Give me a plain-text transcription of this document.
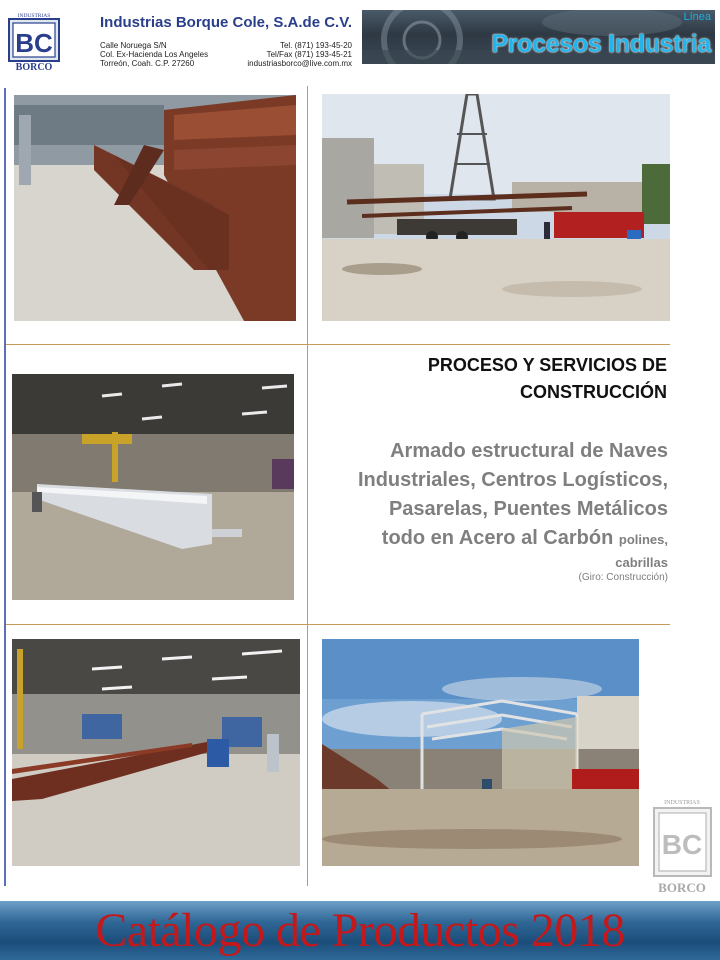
INDUSTRIAS
BC
BORCO
Industrias Borque Cole, S.A.de C.V.
Calle Noruega S/N
Col. Ex-Hacienda Los Angeles
Torreón, Coah. C.P. 27260
Tel. (871) 193-45-20
Tel/Fax (871) 193-45-21
industriasborco@live.com.mx
Línea
Procesos Industria
PROCESO Y SERVICIOS DE
CONSTRUCCIÓN
Armado estructural de Naves
Industriales, Centros Logísticos,
Pasarelas, Puentes Metálicos
todo en Acero al Carbón polines,
cabrillas
(Giro: Construcción)
INDUSTRIAS
BC
BORCO
Catálogo de Productos 2018
